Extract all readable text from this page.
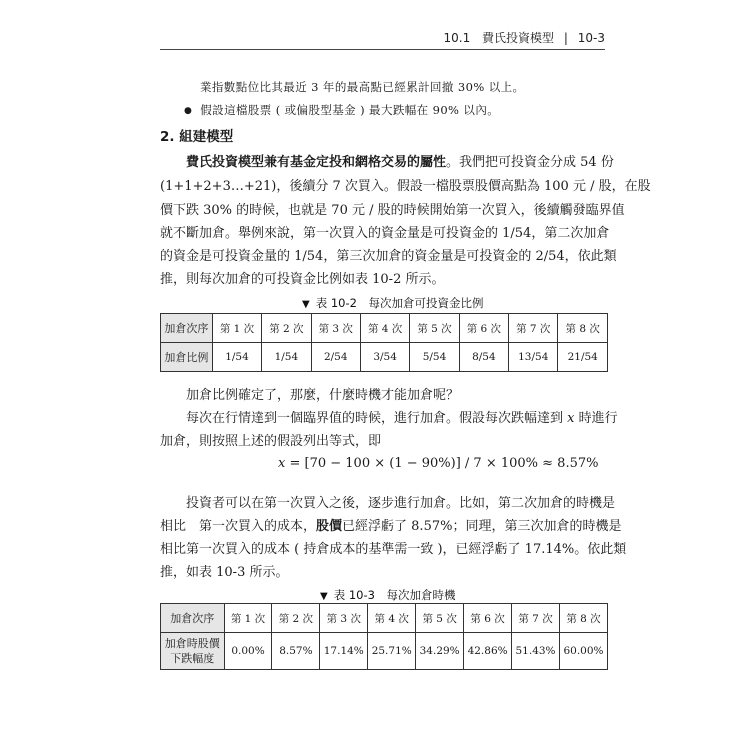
10.1 費氏投資模型 | 10-3
業指數點位比其最近 3 年的最高點已經累計回撤 30% 以上。
● 假設這檔股票 ( 或偏股型基金 ) 最大跌幅在 90% 以內。
2. 組建模型
費氏投資模型兼有基金定投和網格交易的屬性。我們把可投資金分成 54 份
(1+1+2+3…+21)，後續分 7 次買入。假設一檔股票股價高點為 100 元 / 股，在股
價下跌 30% 的時候，也就是 70 元 / 股的時候開始第一次買入，後續觸發臨界值
就不斷加倉。舉例來說，第一次買入的資金量是可投資金的 1/54，第二次加倉
的資金是可投資金量的 1/54，第三次加倉的資金量是可投資金的 2/54，依此類
推，則每次加倉的可投資金比例如表 10-2 所示。
▼ 表 10-2　每次加倉可投資金比例
加倉次序	第 1 次	第 2 次	第 3 次	第 4 次	第 5 次	第 6 次	第 7 次	第 8 次
加倉比例	1/54	1/54	2/54	3/54	5/54	8/54	13/54	21/54
加倉比例確定了，那麼，什麼時機才能加倉呢？
每次在行情達到一個臨界值的時候，進行加倉。假設每次跌幅達到 x 時進行
加倉，則按照上述的假設列出等式，即
x = [70 − 100 × (1 − 90%)] / 7 × 100% ≈ 8.57%
投資者可以在第一次買入之後，逐步進行加倉。比如，第二次加倉的時機是
相比　第一次買入的成本，股價已經浮虧了 8.57%；同理，第三次加倉的時機是
相比第一次買入的成本 ( 持倉成本的基準需一致 )，已經浮虧了 17.14%。依此類
推，如表 10-3 所示。
▼ 表 10-3　每次加倉時機
加倉次序	第 1 次	第 2 次	第 3 次	第 4 次	第 5 次	第 6 次	第 7 次	第 8 次
加倉時股價
下跌幅度	0.00%	8.57%	17.14%	25.71%	34.29%	42.86%	51.43%	60.00%
